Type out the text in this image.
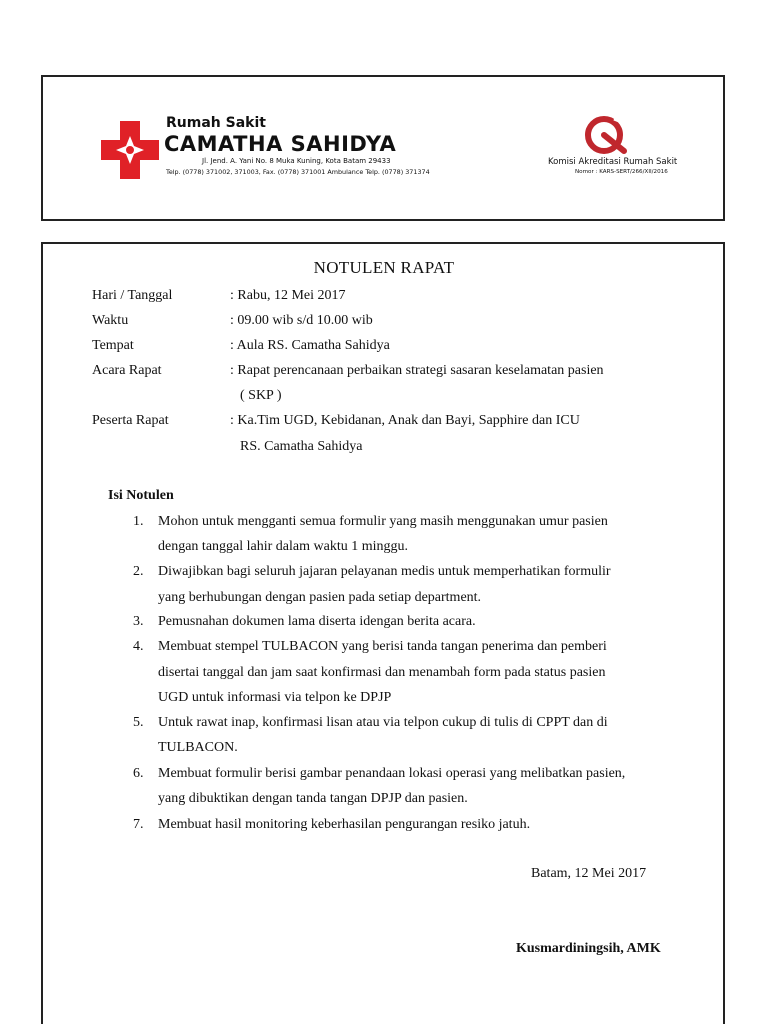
Rumah Sakit
CAMATHA SAHIDYA
Jl. Jend. A. Yani No. 8 Muka Kuning, Kota Batam 29433
Telp. (0778) 371002, 371003, Fax. (0778) 371001 Ambulance Telp. (0778) 371374
Komisi Akreditasi Rumah Sakit
Nomor : KARS-SERT/266/XII/2016
NOTULEN RAPAT
Hari / Tanggal	: Rabu, 12 Mei 2017
Waktu	: 09.00 wib s/d 10.00 wib
Tempat	: Aula RS. Camatha Sahidya
Acara Rapat	: Rapat perencanaan perbaikan strategi sasaran keselamatan pasien
( SKP )
Peserta Rapat	: Ka.Tim UGD, Kebidanan, Anak dan Bayi, Sapphire dan ICU
RS. Camatha Sahidya
Isi Notulen
1. Mohon untuk mengganti semua formulir yang masih menggunakan umur pasien
dengan tanggal lahir dalam waktu 1 minggu.
2. Diwajibkan bagi seluruh jajaran pelayanan medis untuk memperhatikan formulir
yang berhubungan dengan pasien pada setiap department.
3. Pemusnahan dokumen lama diserta idengan berita acara.
4. Membuat stempel TULBACON yang berisi tanda tangan penerima dan pemberi
disertai tanggal dan jam saat konfirmasi dan menambah form pada status pasien
UGD untuk informasi via telpon ke DPJP
5. Untuk rawat inap, konfirmasi lisan atau via telpon cukup di tulis di CPPT dan di
TULBACON.
6. Membuat formulir berisi gambar penandaan lokasi operasi yang melibatkan pasien,
yang dibuktikan dengan tanda tangan DPJP dan pasien.
7. Membuat hasil monitoring keberhasilan pengurangan resiko jatuh.
Batam, 12 Mei 2017
Kusmardiningsih, AMK
